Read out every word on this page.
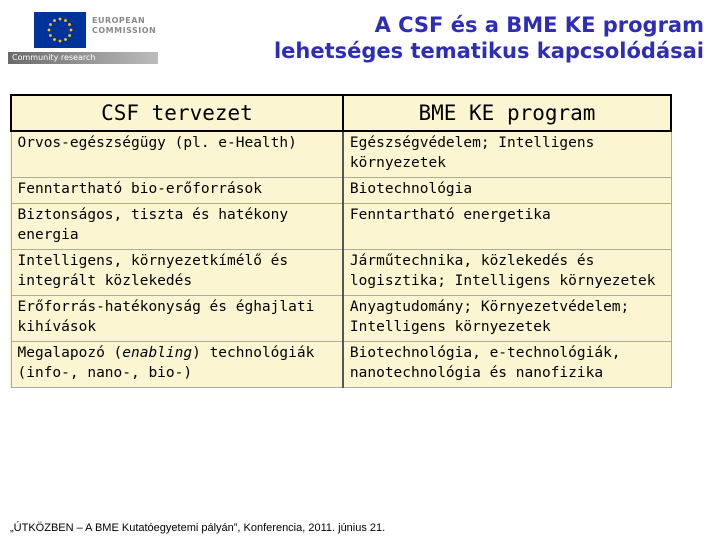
EUROPEAN
COMMISSION
Community research
A CSF és a BME KE program
lehetséges tematikus kapcsolódásai
CSF tervezet	BME KE program
Orvos-egészségügy (pl. e-Health)	Egészségvédelem; Intelligens környezetek
Fenntartható bio-erőforrások	Biotechnológia
Biztonságos, tiszta és hatékony energia	Fenntartható energetika
Intelligens, környezetkímélő és integrált közlekedés	Járműtechnika, közlekedés és logisztika; Intelligens környezetek
Erőforrás-hatékonyság és éghajlati kihívások	Anyagtudomány; Környezetvédelem; Intelligens környezetek
Megalapozó (enabling) technológiák (info-, nano-, bio-)	Biotechnológia, e-technológiák, nanotechnológia és nanofizika
„ÚTKÖZBEN – A BME Kutatóegyetemi pályán”, Konferencia, 2011. június 21.
